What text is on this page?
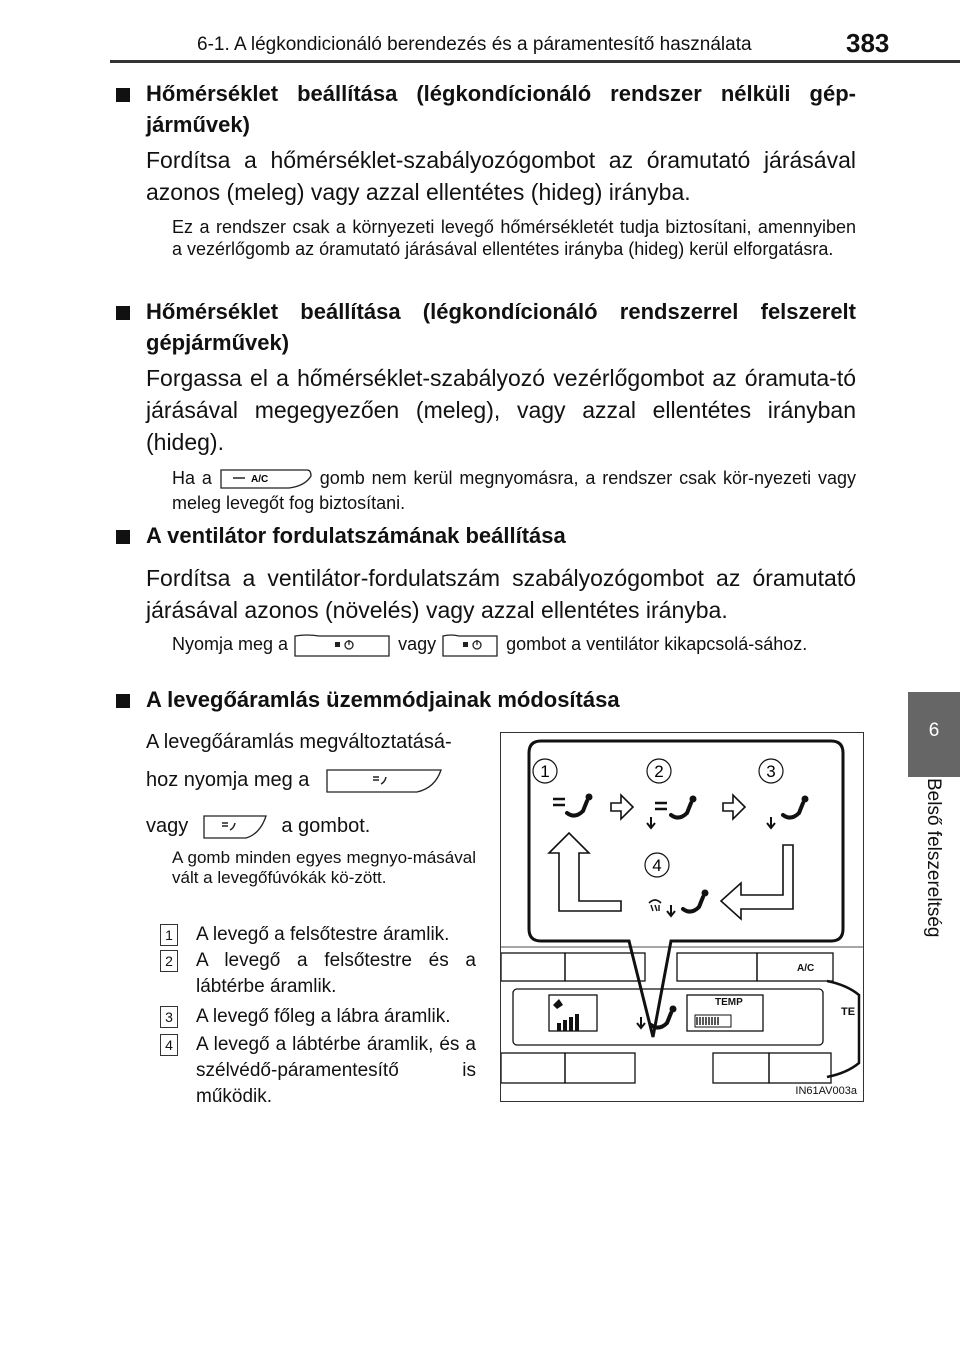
6-1. A légkondicionáló berendezés és a páramentesítő használata	383
6
Belső felszereltség
Hőmérséklet beállítása (légkondícionáló rendszer nélküli gép-járművek)
Fordítsa a hőmérséklet-szabályozógombot az óramutató járásával azonos (meleg) vagy azzal ellentétes (hideg) irányba.
Ez a rendszer csak a környezeti levegő hőmérsékletét tudja biztosítani, amennyiben a vezérlőgomb az óramutató járásával ellentétes irányba (hideg) kerül elforgatásra.
Hőmérséklet beállítása (légkondícionáló rendszerrel felszerelt gépjárművek)
Forgassa el a hőmérséklet-szabályozó vezérlőgombot az óramuta-tó járásával megegyezően (meleg), vagy azzal ellentétes irányban (hideg).
Ha a	A/C	gomb nem kerül megnyomásra, a rendszer csak kör-nyezeti vagy meleg levegőt fog biztosítani.
A ventilátor fordulatszámának beállítása
Fordítsa a ventilátor-fordulatszám szabályozógombot az óramutató járásával azonos (növelés) vagy azzal ellentétes irányba.
Nyomja meg a	vagy	gombot a ventilátor kikapcsolá-sához.
A levegőáramlás üzemmódjainak módosítása
A levegőáramlás megváltoztatásá-
hoz nyomja meg a
vagy	a gombot.
A gomb minden egyes megnyo-másával vált a levegőfúvókák kö-zött.
1 A levegő a felsőtestre áramlik.
2 A levegő a felsőtestre és a lábtérbe áramlik.
3 A levegő főleg a lábra áramlik.
4 A levegő a lábtérbe áramlik, és a szélvédő-páramentesítő is működik.
1	2	3
4
A/C
TEMP
TE
IN61AV003a
